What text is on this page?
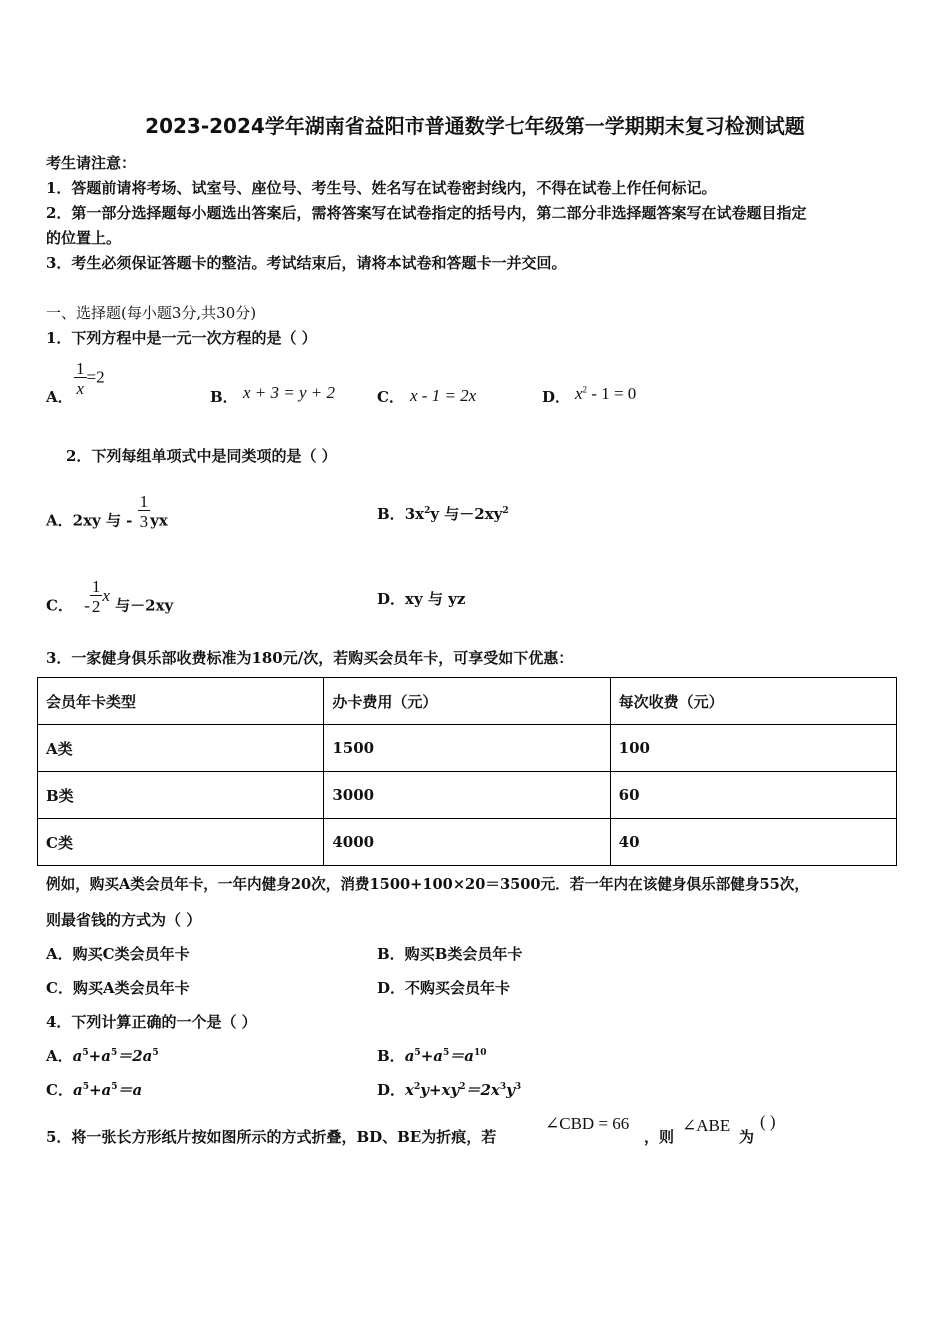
2023-2024学年湖南省益阳市普通数学七年级第一学期期末复习检测试题
考生请注意：
1．答题前请将考场、试室号、座位号、考生号、姓名写在试卷密封线内，不得在试卷上作任何标记。
2．第一部分选择题每小题选出答案后，需将答案写在试卷指定的括号内，第二部分非选择题答案写在试卷题目指定
的位置上。
3．考生必须保证答题卡的整洁。考试结束后，请将本试卷和答题卡一并交回。
一、选择题(每小题3分,共30分)
1．下列方程中是一元一次方程的是（ ）
A． $\frac{1}{x} =2$
B． x + 3 = y + 2	C． x - 1 = 2x	D． $x^2 - 1 = 0$
2．下列每组单项式中是同类项的是（ ）
A．2xy 与 - $\frac{1}{3}$ yx	B．$3x^2y$ 与$-2xy^2$
C． - $\frac{1}{2}$ x 与－2xy	D．xy 与 yz
3．一家健身俱乐部收费标准为180元/次，若购买会员年卡，可享受如下优惠：
会员年卡类型	办卡费用（元）	每次收费（元）
A类	1500	100
B类	3000	60
C类	4000	40
例如，购买A类会员年卡，一年内健身20次，消费1500+100×20＝3500元．若一年内在该健身俱乐部健身55次，
则最省钱的方式为（ ）
A．购买C类会员年卡	B．购买B类会员年卡
C．购买A类会员年卡	D．不购买会员年卡
4．下列计算正确的一个是（ ）
A．$a^5+a^5=2a^5$	B．$a^5+a^5=a^{10}$
C．$a^5+a^5=a$	D．$x^2y+xy^2=2x^3y^3$
5．将一张长方形纸片按如图所示的方式折叠，BD、BE为折痕，若
∠CBD = 66
，则
∠ABE
为
( )
